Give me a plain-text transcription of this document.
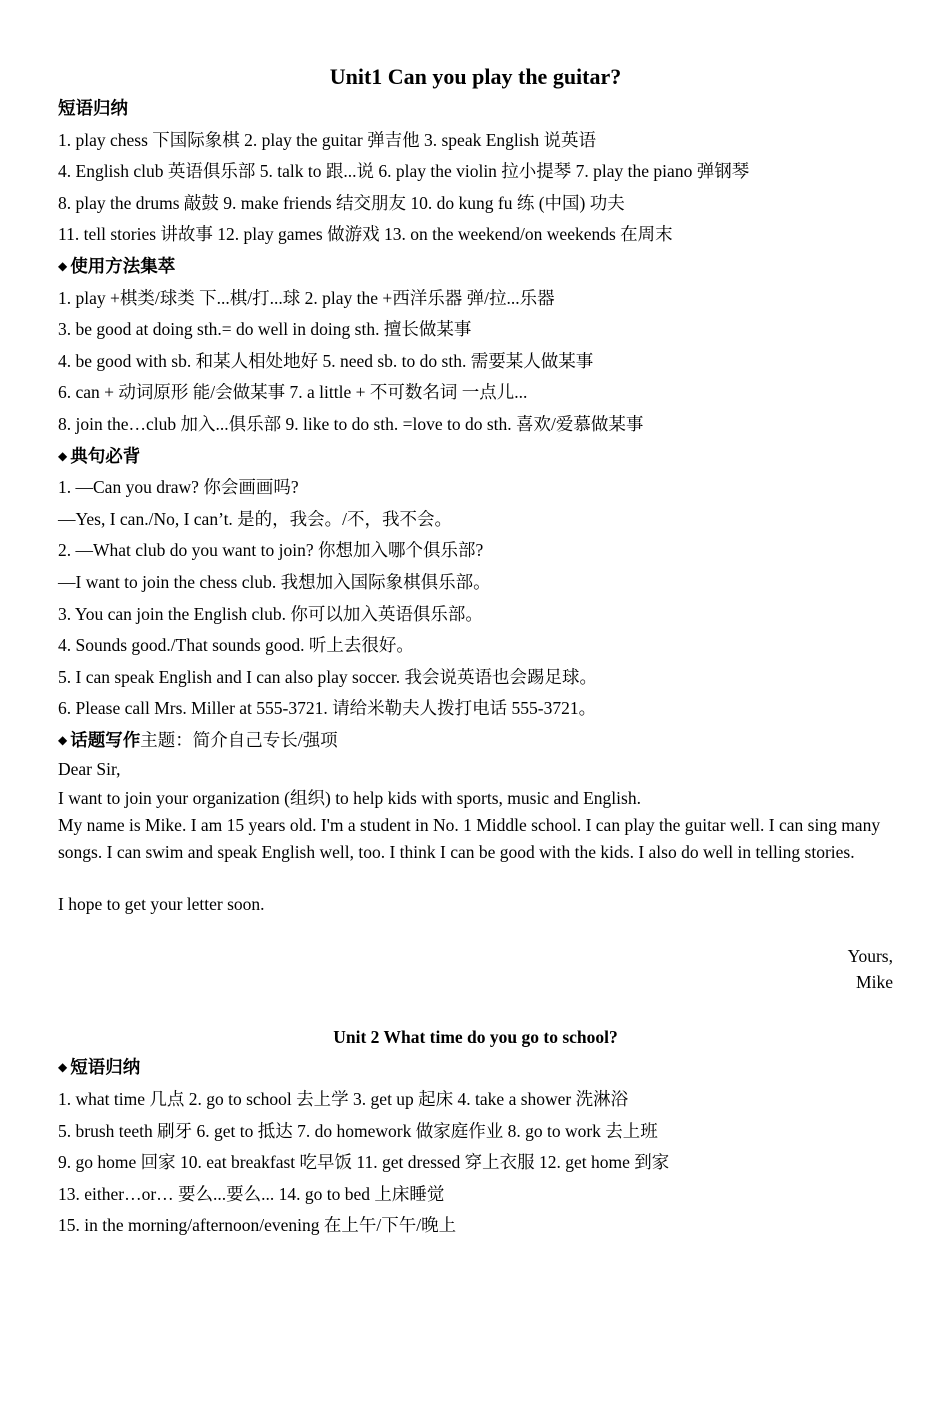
Unit1 Can you play the guitar?
短语归纳
1. play chess 下国际象棋 2. play the guitar 弹吉他 3. speak English 说英语
4. English club 英语俱乐部 5. talk to 跟...说 6. play the violin 拉小提琴 7. play the piano 弹钢琴
8. play the drums 敲鼓 9. make friends 结交朋友 10. do kung fu 练 (中国) 功夫
11. tell stories 讲故事 12. play games 做游戏 13. on the weekend/on weekends 在周末
◆ 使用方法集萃
1. play +棋类/球类 下...棋/打...球 2. play the +西洋乐器 弹/拉...乐器
3. be good at doing sth.= do well in doing sth. 擅长做某事
4. be good with sb. 和某人相处地好 5. need sb. to do sth. 需要某人做某事
6. can + 动词原形 能/会做某事 7. a little + 不可数名词 一点儿...
8. join the…club 加入...俱乐部 9. like to do sth. =love to do sth. 喜欢/爱慕做某事
◆ 典句必背
1. —Can you draw? 你会画画吗?
—Yes, I can./No, I can’t. 是的，我会。/不，我不会。
2. —What club do you want to join? 你想加入哪个俱乐部?
—I want to join the chess club. 我想加入国际象棋俱乐部。
3. You can join the English club. 你可以加入英语俱乐部。
4. Sounds good./That sounds good. 听上去很好。
5. I can speak English and I can also play soccer. 我会说英语也会踢足球。
6. Please call Mrs. Miller at 555-3721. 请给米勒夫人拨打电话 555-3721。
◆ 话题写作主题：简介自己专长/强项
Dear Sir,
I want to join your organization (组织) to help kids with sports, music and English.
My name is Mike. I am 15 years old. I'm a student in No. 1 Middle school. I can play the guitar well. I can sing many songs. I can swim and speak English well, too. I think I can be good with the kids. I also do well in telling stories.
I hope to get your letter soon.
Yours,
Mike
Unit 2 What time do you go to school?
◆ 短语归纳
1. what time 几点 2. go to school 去上学 3. get up 起床 4. take a shower 洗淋浴
5. brush teeth 刷牙 6. get to 抵达 7. do homework 做家庭作业 8. go to work 去上班
9. go home 回家 10. eat breakfast 吃早饭 11. get dressed 穿上衣服 12. get home 到家
13. either…or… 要么...要么... 14. go to bed 上床睡觉
15. in the morning/afternoon/evening 在上午/下午/晚上
